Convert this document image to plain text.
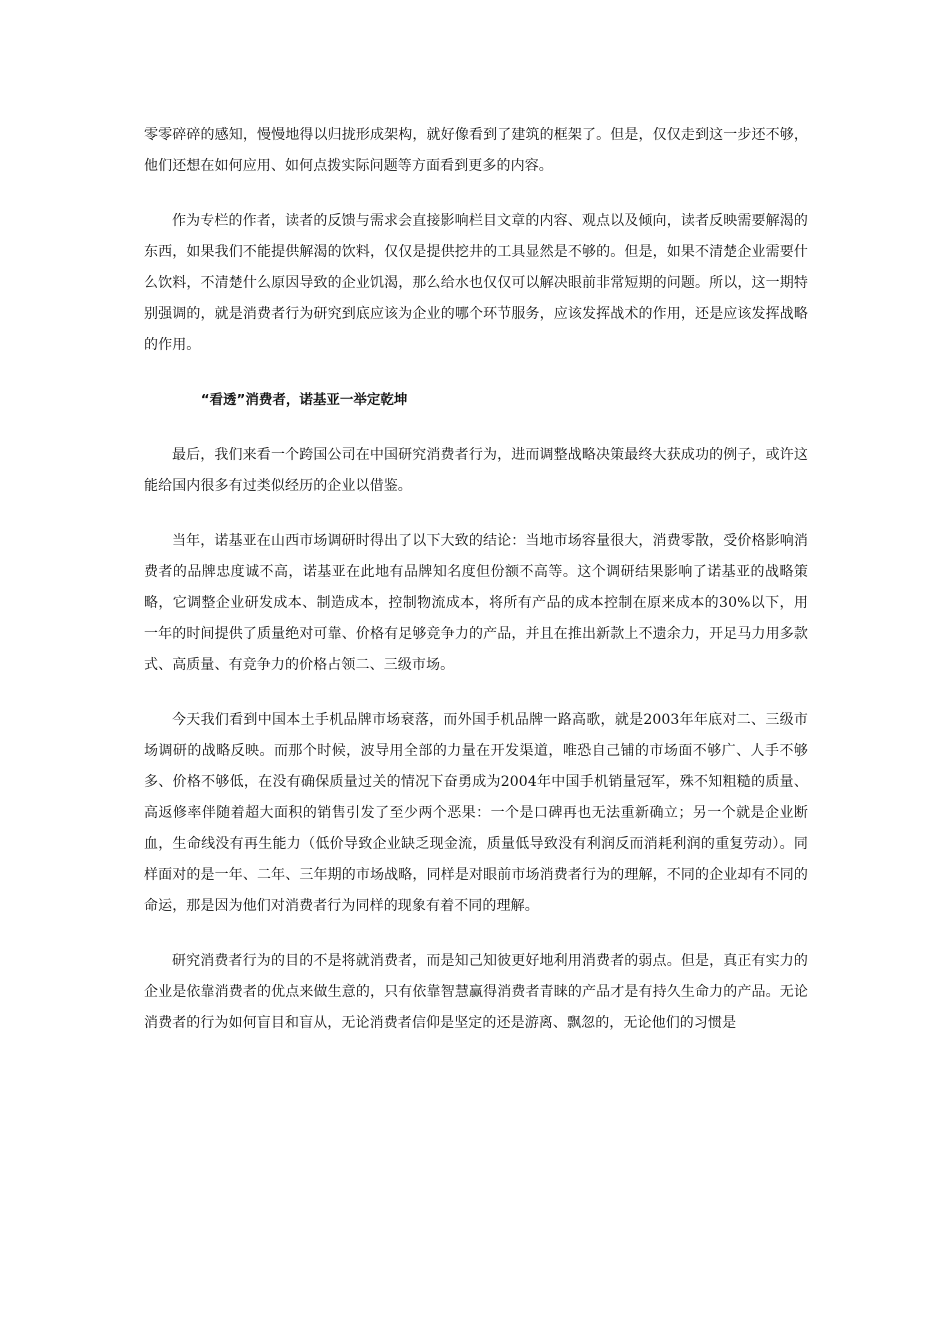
零零碎碎的感知，慢慢地得以归拢形成架构，就好像看到了建筑的框架了。但是，仅仅走到这一步还不够，他们还想在如何应用、如何点拨实际问题等方面看到更多的内容。

作为专栏的作者，读者的反馈与需求会直接影响栏目文章的内容、观点以及倾向，读者反映需要解渴的东西，如果我们不能提供解渴的饮料，仅仅是提供挖井的工具显然是不够的。但是，如果不清楚企业需要什么饮料，不清楚什么原因导致的企业饥渴，那么给水也仅仅可以解决眼前非常短期的问题。所以，这一期特别强调的，就是消费者行为研究到底应该为企业的哪个环节服务，应该发挥战术的作用，还是应该发挥战略的作用。

“看透”消费者，诺基亚一举定乾坤

最后，我们来看一个跨国公司在中国研究消费者行为，进而调整战略决策最终大获成功的例子，或许这能给国内很多有过类似经历的企业以借鉴。

当年，诺基亚在山西市场调研时得出了以下大致的结论：当地市场容量很大，消费零散，受价格影响消费者的品牌忠度诚不高，诺基亚在此地有品牌知名度但份额不高等。这个调研结果影响了诺基亚的战略策略，它调整企业研发成本、制造成本，控制物流成本，将所有产品的成本控制在原来成本的30%以下，用一年的时间提供了质量绝对可靠、价格有足够竞争力的产品，并且在推出新款上不遗余力，开足马力用多款式、高质量、有竞争力的价格占领二、三级市场。

今天我们看到中国本土手机品牌市场衰落，而外国手机品牌一路高歌，就是2003年年底对二、三级市场调研的战略反映。而那个时候，波导用全部的力量在开发渠道，唯恐自己铺的市场面不够广、人手不够多、价格不够低，在没有确保质量过关的情况下奋勇成为2004年中国手机销量冠军，殊不知粗糙的质量、高返修率伴随着超大面积的销售引发了至少两个恶果：一个是口碑再也无法重新确立；另一个就是企业断血，生命线没有再生能力（低价导致企业缺乏现金流，质量低导致没有利润反而消耗利润的重复劳动）。同样面对的是一年、二年、三年期的市场战略，同样是对眼前市场消费者行为的理解，不同的企业却有不同的命运，那是因为他们对消费者行为同样的现象有着不同的理解。

研究消费者行为的目的不是将就消费者，而是知己知彼更好地利用消费者的弱点。但是，真正有实力的企业是依靠消费者的优点来做生意的，只有依靠智慧赢得消费者青睐的产品才是有持久生命力的产品。无论消费者的行为如何盲目和盲从，无论消费者信仰是坚定的还是游离、飘忽的，无论他们的习惯是
